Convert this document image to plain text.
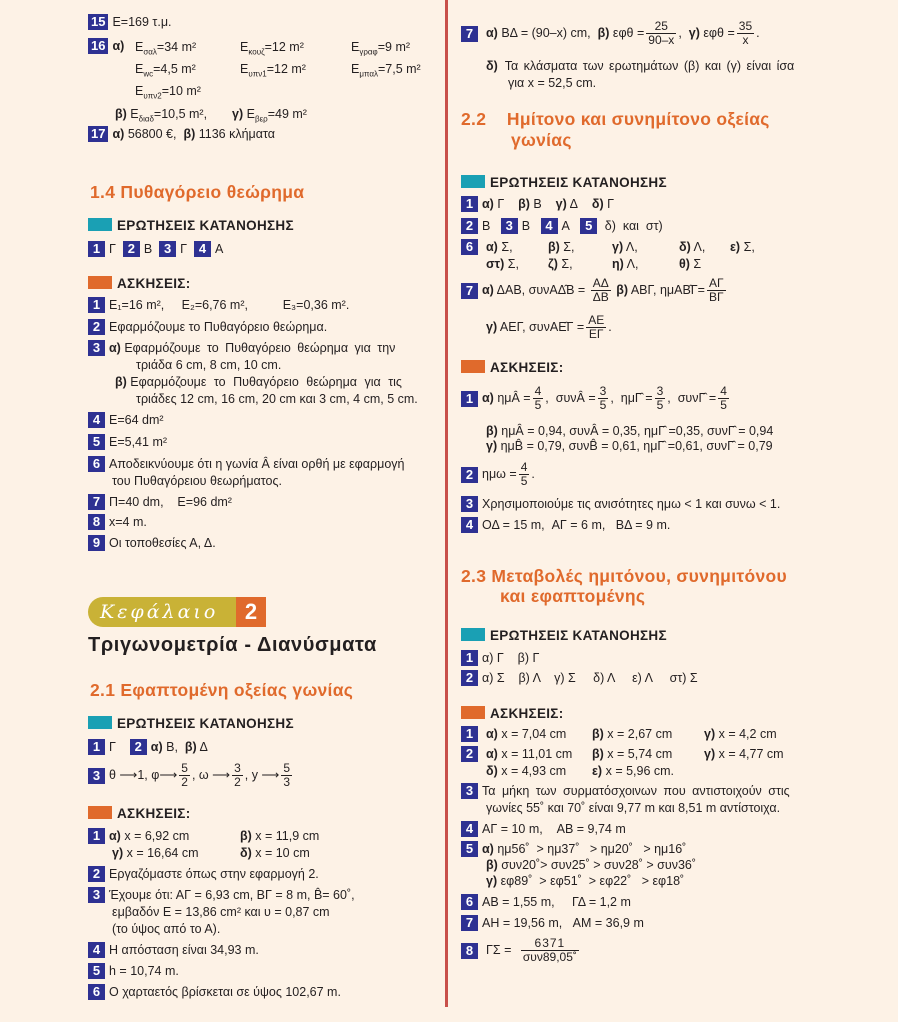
15 Ε=169 τ.μ.
16 α) $E_{\sigma\alpha\lambda}=34$ m²	$E_{\kappa o\upsilon\zeta}=12$ m²	$E_{\gamma\rho\alpha\varphi}=9$ m²
$E_{wc}=4,5$ m²	$E_{\upsilon\pi\nu 1}=12$ m²	$E_{\mu\pi\alpha\lambda}=7,5$ m²
$E_{\upsilon\pi\nu 2}=10$ m²
β) $E_{\delta\iota\alpha\delta}=10,5$ m², γ) $E_{\beta\varepsilon\rho}=49$ m²
17 α) 56800 €, β) 1136 κλήματα
1.4 Πυθαγόρειο θεώρημα
ΕΡΩΤΗΣΕΙΣ ΚΑΤΑΝΟΗΣΗΣ
1 Γ 2 Β 3 Γ 4 Α
ΑΣΚΗΣΕΙΣ:
1 Ε₁=16 m²,     Ε₂=6,76 m²,          Ε₃=0,36 m².
2 Εφαρμόζουμε το Πυθαγόρειο θεώρημα.
3 α) Εφαρμόζουμε το Πυθαγόρειο θεώρημα για την
τριάδα 6 cm, 8 cm, 10 cm.
β) Εφαρμόζουμε το Πυθαγόρειο θεώρημα για τις
τριάδες 12 cm, 16 cm, 20 cm και 3 cm, 4 cm, 5 cm.
4 Ε=64 dm²
5 Ε=5,41 m²
6 Αποδεικνύουμε ότι η γωνία Â είναι ορθή με εφαρμογή
του Πυθαγόρειου θεωρήματος.
7 Π=40 dm,    Ε=96 dm²
8 x=4 m.
9 Οι τοποθεσίες Α, Δ.
Κεφάλαιο	2
Τριγωνομετρία - Διανύσματα
2.1 Εφαπτομένη οξείας γωνίας
ΕΡΩΤΗΣΕΙΣ ΚΑΤΑΝΟΗΣΗΣ
1 Γ 2 α) Β, β) Δ
3 θ ⟶1, φ⟶ $\frac{5}{2}$ , ω ⟶ $\frac{3}{2}$ , y ⟶ $\frac{5}{3}$
ΑΣΚΗΣΕΙΣ:
1 α) x = 6,92 cm	β) x = 11,9 cm
γ) x = 16,64 cm	δ) x = 10 cm
2 Εργαζόμαστε όπως στην εφαρμογή 2.
3 Έχουμε ότι: ΑΓ = 6,93 cm, ΒΓ = 8 m, B̂= 60˚,
εμβαδόν Ε = 13,86 cm² και υ = 0,87 cm
(το ύψος από το Α).
4 Η απόσταση είναι 34,93 m.
5 h = 10,74 m.
6 Ο χαρταετός βρίσκεται σε ύψος 102,67 m.
7 α) ΒΔ = (90–x) cm, β) $\varepsilon\varphi\theta = \frac{25}{90-x}$ , γ) $\varepsilon\varphi\theta = \frac{35}{x}$ .
δ) Τα κλάσματα των ερωτημάτων (β) και (γ) είναι ίσα
για x = 52,5 cm.
2.2    Ημίτονο και συνημίτονο οξείας
γωνίας
ΕΡΩΤΗΣΕΙΣ ΚΑΤΑΝΟΗΣΗΣ
1 α) Γ β) Β γ) Δ δ) Γ
2 Β 3 Β 4 Α 5 δ)  και  στ)
6	α) Σ,	β) Σ,	γ) Λ,	δ) Λ, ε) Σ,
στ) Σ, ζ) Σ,	η) Λ,	θ) Σ
7 α) ΔΑΒ, συνΑΔ̂Β = $\frac{A\Delta}{\Delta B} \beta$) ΑΒΓ, ημΑΒ̂Γ= $\frac{A\Gamma}{B\Gamma}$
γ) ΑΕΓ, συνΑΕ̂Γ = $\frac{AE}{E\Gamma}$ .
ΑΣΚΗΣΕΙΣ:
1 α) ημÂ = $\frac{4}{5}$ , συνÂ = $\frac{3}{5}$ , ημΓ̂ = $\frac{3}{5}$ , συνΓ̂ = $\frac{4}{5}$
β) ημÂ = 0,94, συνÂ = 0,35, ημΓ̂ =0,35, συνΓ̂ = 0,94
γ) ημB̂ = 0,79, συνB̂ = 0,61, ημΓ̂ =0,61, συνΓ̂ = 0,79
2 $\eta\mu\omega = \frac{4}{5}$ .
3 Χρησιμοποιούμε τις ανισότητες ημω < 1 και συνω < 1.
4 ΟΔ = 15 m,  ΑΓ = 6 m,   ΒΔ = 9 m.
2.3 Μεταβολές ημιτόνου, συνημιτόνου
και εφαπτομένης
ΕΡΩΤΗΣΕΙΣ ΚΑΤΑΝΟΗΣΗΣ
1 α) Γ    β) Γ
2 α) Σ    β) Λ    γ) Σ     δ) Λ     ε) Λ     στ) Σ
ΑΣΚΗΣΕΙΣ:
1 α) x = 7,04 cm β) x = 2,67 cm	γ) x = 4,2 cm
2 α) x = 11,01 cm β) x = 5,74 cm	γ) x = 4,77 cm
δ) x = 4,93 cm ε) x = 5,96 cm.
3 Τα μήκη των συρματόσχοινων που αντιστοιχούν στις
γωνίες 55˚ και 70˚ είναι 9,77 m και 8,51 m αντίστοιχα.
4 ΑΓ = 10 m,    ΑΒ = 9,74 m
5 α) ημ56˚  > ημ37˚   > ημ20˚   > ημ16˚
β) συν20˚> συν25˚ > συν28˚ > συν36˚
γ) εφ89˚  > εφ51˚  > εφ22˚   > εφ18˚
6 ΑΒ = 1,55 m,     ΓΔ = 1,2 m
7 ΑΗ = 19,56 m,   ΑΜ = 36,9 m
8 $\Gamma\Sigma = \frac{6371}{\text{συν89,05˚}}$
